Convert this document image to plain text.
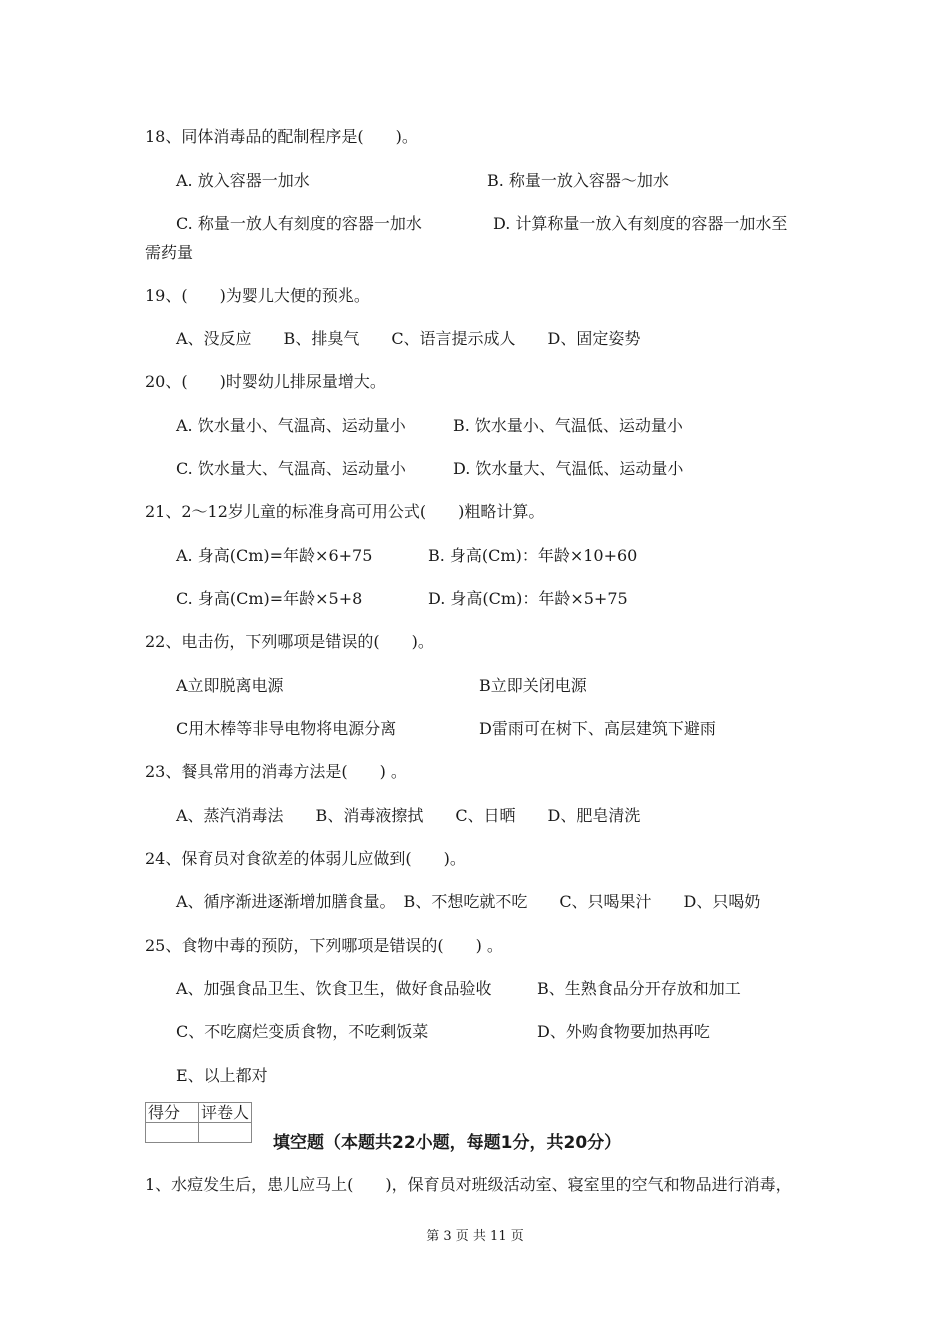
18、同体消毒品的配制程序是(　　)。
A. 放入容器一加水	B. 称量一放入容器～加水
C. 称量一放人有刻度的容器一加水	D. 计算称量一放入有刻度的容器一加水至
需药量
19、(　　)为婴儿大便的预兆。
A、没反应　　B、排臭气　　C、语言提示成人　　D、固定姿势
20、(　　)时婴幼儿排尿量增大。
A. 饮水量小、气温高、运动量小	B. 饮水量小、气温低、运动量小
C. 饮水量大、气温高、运动量小	D. 饮水量大、气温低、运动量小
21、2～12岁儿童的标准身高可用公式(　　)粗略计算。
A. 身高(Cm)=年龄×6+75	B. 身高(Cm)：年龄×10+60
C. 身高(Cm)=年龄×5+8	D. 身高(Cm)：年龄×5+75
22、电击伤，下列哪项是错误的(　　)。
A立即脱离电源	B立即关闭电源
C用木棒等非导电物将电源分离	D雷雨可在树下、高层建筑下避雨
23、餐具常用的消毒方法是(　　) 。
A、蒸汽消毒法　　B、消毒液擦拭　　C、日晒　　D、肥皂清洗
24、保育员对食欲差的体弱儿应做到(　　)。
A、循序渐进逐渐增加膳食量。　B、不想吃就不吃　　C、只喝果汁　　D、只喝奶
25、食物中毒的预防，下列哪项是错误的(　　) 。
A、加强食品卫生、饮食卫生，做好食品验收	B、生熟食品分开存放和加工
C、不吃腐烂变质食物，不吃剩饭菜	D、外购食物要加热再吃
E、以上都对
得分	评卷人

填空题（本题共22小题，每题1分，共20分）
1、水痘发生后，患儿应马上(　　)，保育员对班级活动室、寝室里的空气和物品进行消毒，
第 3 页 共 11 页
